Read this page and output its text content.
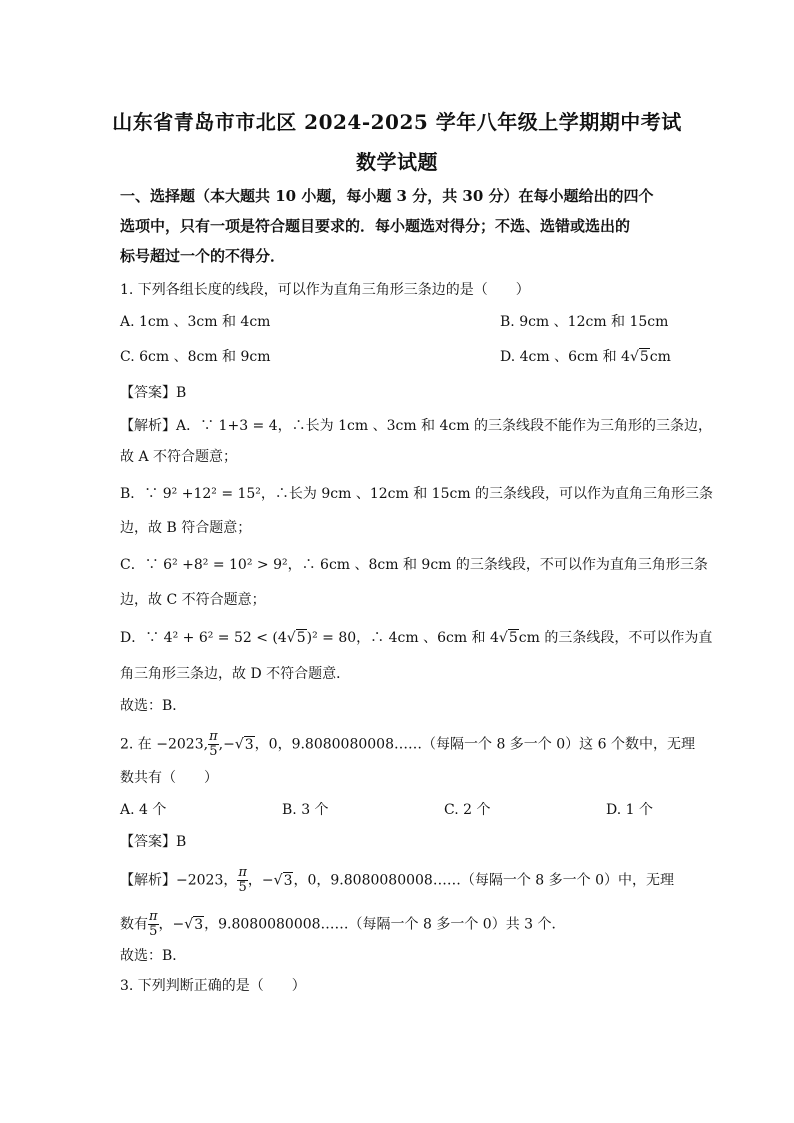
山东省青岛市市北区 2024-2025 学年八年级上学期期中考试
数学试题
一、选择题（本大题共 10 小题，每小题 3 分，共 30 分）在每小题给出的四个
选项中，只有一项是符合题目要求的．每小题选对得分；不选、选错或选出的
标号超过一个的不得分．
1. 下列各组长度的线段，可以作为直角三角形三条边的是（　　）
A. 1cm 、3cm 和 4cm	B. 9cm 、12cm 和 15cm
C. 6cm 、8cm 和 9cm	D. 4cm 、6cm 和 4√5cm
【答案】B
【解析】A．∵ 1+3 = 4，∴长为 1cm 、3cm 和 4cm 的三条线段不能作为三角形的三条边，
故 A 不符合题意；
B．∵ 9² +12² = 15²，∴长为 9cm 、12cm 和 15cm 的三条线段，可以作为直角三角形三条
边，故 B 符合题意；
C．∵ 6² +8² = 10² > 9²，∴ 6cm 、8cm 和 9cm 的三条线段，不可以作为直角三角形三条
边，故 C 不符合题意；
D．∵ 4² + 6² = 52 < (4√5)² = 80，∴ 4cm 、6cm 和 4√5cm 的三条线段，不可以作为直
角三角形三条边，故 D 不符合题意．
故选：B．
2. 在 −2023, $\frac{\pi}{5} ,-√3$，0，9.8080080008……（每隔一个 8 多一个 0）这 6 个数中，无理
数共有（　　）
A. 4 个	B. 3 个	C. 2 个	D. 1 个
【答案】B
【解析】−2023， $\frac{\pi}{5}$ ，−√3，0，9.8080080008……（每隔一个 8 多一个 0）中，无理
数有 $\frac{\pi}{5}$ ，−√3，9.8080080008……（每隔一个 8 多一个 0）共 3 个．
故选：B．
3. 下列判断正确的是（　　）
